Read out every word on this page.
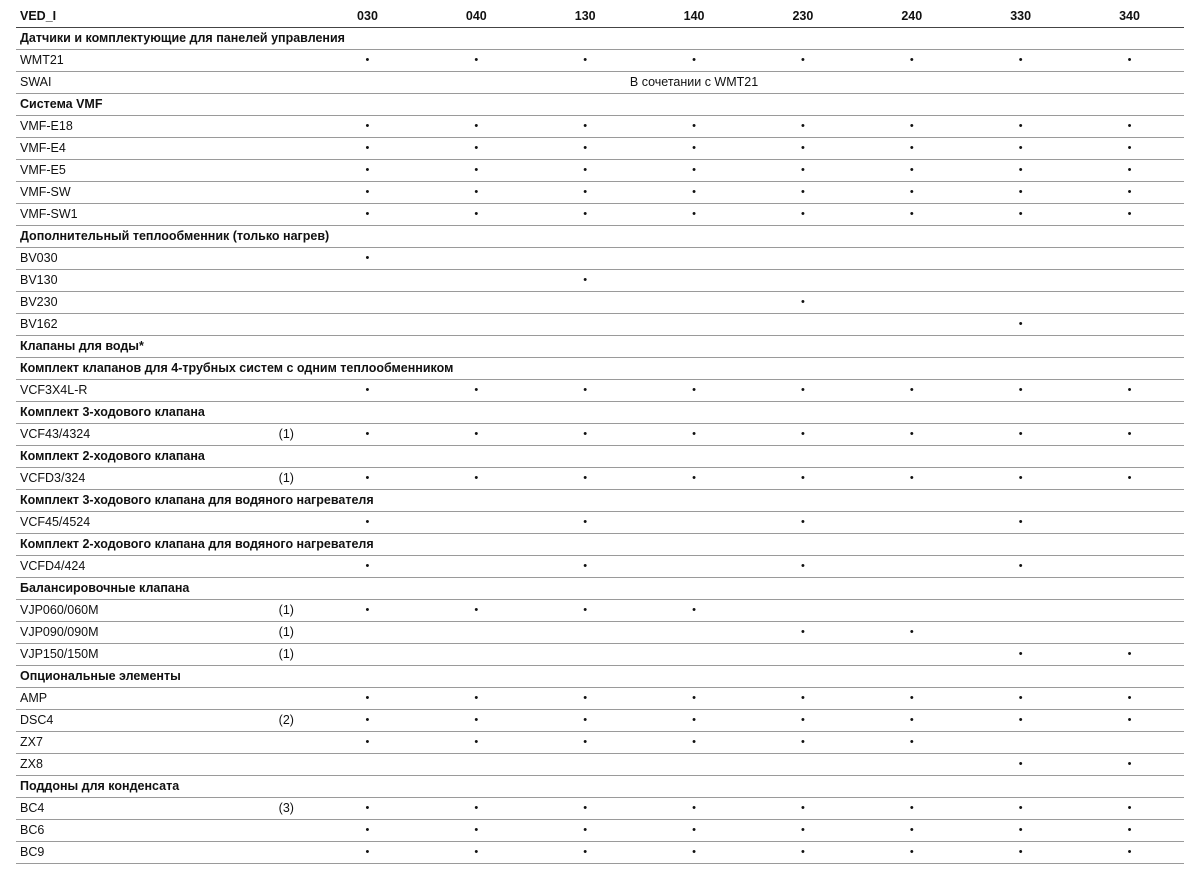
VED_I		030	040	130	140	230	240	330	340
Датчики и комплектующие для панелей управления									
WMT21		•	•	•	•	•	•	•	•
SWAI				В сочетании с WMT21					
Система VMF									
VMF-E18		•	•	•	•	•	•	•	•
VMF-E4		•	•	•	•	•	•	•	•
VMF-E5		•	•	•	•	•	•	•	•
VMF-SW		•	•	•	•	•	•	•	•
VMF-SW1		•	•	•	•	•	•	•	•
Дополнительный теплообменник (только нагрев)									
BV030		•							
BV130				•					
BV230						•			
BV162								•	
Клапаны для воды*									
Комплект клапанов для 4-трубных систем с одним теплообменником									
VCF3X4L-R		•	•	•	•	•	•	•	•
Комплект 3-ходового клапана									
VCF43/4324	(1)	•	•	•	•	•	•	•	•
Комплект 2-ходового клапана									
VCFD3/324	(1)	•	•	•	•	•	•	•	•
Комплект 3-ходового клапана для водяного нагревателя									
VCF45/4524		•		•		•		•	
Комплект 2-ходового клапана для водяного нагревателя									
VCFD4/424		•		•		•		•	
Балансировочные клапана									
VJP060/060M	(1)	•	•	•	•				
VJP090/090M	(1)					•	•		
VJP150/150M	(1)							•	•
Опциональные элементы									
AMP		•	•	•	•	•	•	•	•
DSC4	(2)	•	•	•	•	•	•	•	•
ZX7		•	•	•	•	•	•		
ZX8								•	•
Поддоны для конденсата									
BC4	(3)	•	•	•	•	•	•	•	•
BC6		•	•	•	•	•	•	•	•
BC9		•	•	•	•	•	•	•	•
